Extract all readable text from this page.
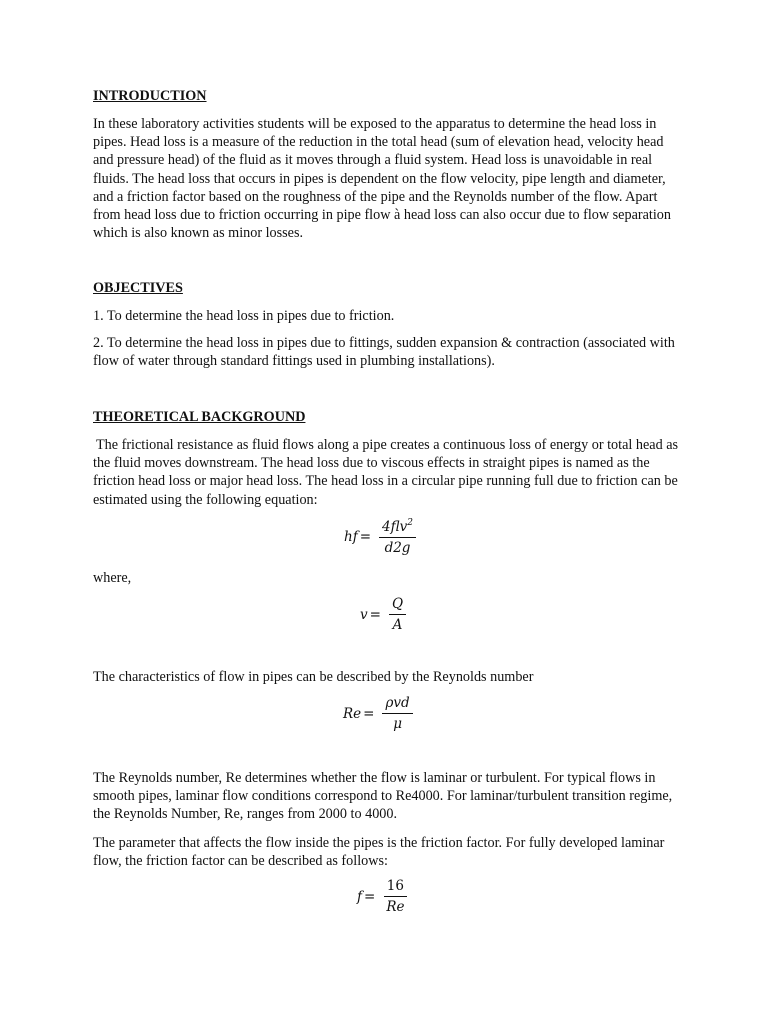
INTRODUCTION

In these laboratory activities students will be exposed to the apparatus to determine the head loss in pipes. Head loss is a measure of the reduction in the total head (sum of elevation head, velocity head and pressure head) of the fluid as it moves through a fluid system. Head loss is unavoidable in real fluids. The head loss that occurs in pipes is dependent on the flow velocity, pipe length and diameter, and a friction factor based on the roughness of the pipe and the Reynolds number of the flow. Apart from head loss due to friction occurring in pipe flow à head loss can also occur due to flow separation which is also known as minor losses.

OBJECTIVES

1. To determine the head loss in pipes due to friction.

2. To determine the head loss in pipes due to fittings, sudden expansion & contraction (associated with flow of water through standard fittings used in plumbing installations).

THEORETICAL BACKGROUND

The frictional resistance as fluid flows along a pipe creates a continuous loss of energy or total head as the fluid moves downstream. The head loss due to viscous effects in straight pipes is named as the friction head loss or major head loss. The head loss in a circular pipe running full due to friction can be estimated using the following equation:

hf = $\frac{4flv^2}{d2g}$

where,

$v = \frac{Q}{A}$

The characteristics of flow in pipes can be described by the Reynolds number

$Re = \frac{\text{ρvd}}{\mu}$

The Reynolds number, Re determines whether the flow is laminar or turbulent. For typical flows in smooth pipes, laminar flow conditions correspond to Re4000. For laminar/turbulent transition regime, the Reynolds Number, Re, ranges from 2000 to 4000.

The parameter that affects the flow inside the pipes is the friction factor. For fully developed laminar flow, the friction factor can be described as follows:

$f = \frac{16}{Re}$
